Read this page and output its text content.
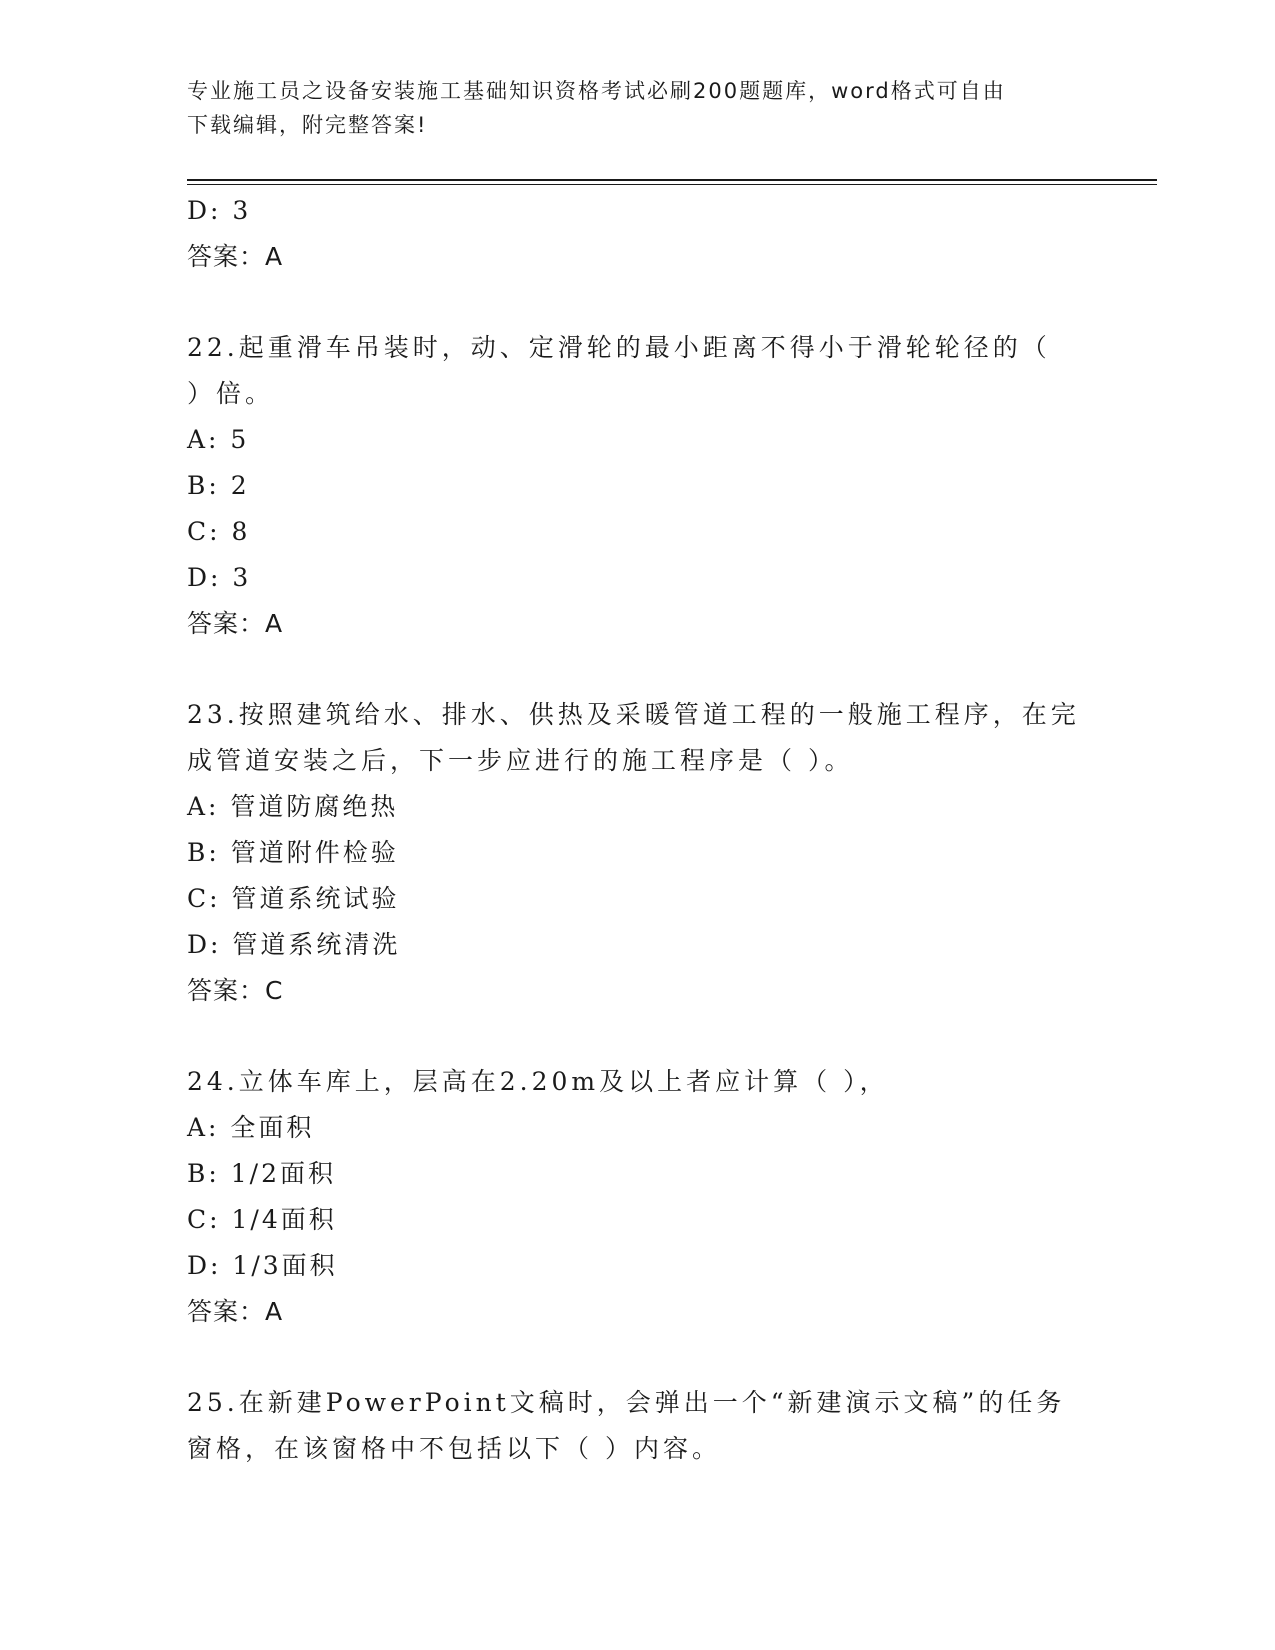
专业施工员之设备安装施工基础知识资格考试必刷200题题库，word格式可自由
下载编辑，附完整答案!

D: 3

答案：A

22.起重滑车吊装时，动、定滑轮的最小距离不得小于滑轮轮径的（

）倍。

A: 5

B: 2

C: 8

D: 3

答案：A

23.按照建筑给水、排水、供热及采暖管道工程的一般施工程序，在完

成管道安装之后，下一步应进行的施工程序是（ ）。

A: 管道防腐绝热

B: 管道附件检验

C: 管道系统试验

D: 管道系统清洗

答案：C

24.立体车库上，层高在2.20m及以上者应计算（ ），

A: 全面积

B: 1/2面积

C: 1/4面积

D: 1/3面积

答案：A

25.在新建PowerPoint文稿时，会弹出一个“新建演示文稿”的任务

窗格，在该窗格中不包括以下（ ）内容。
